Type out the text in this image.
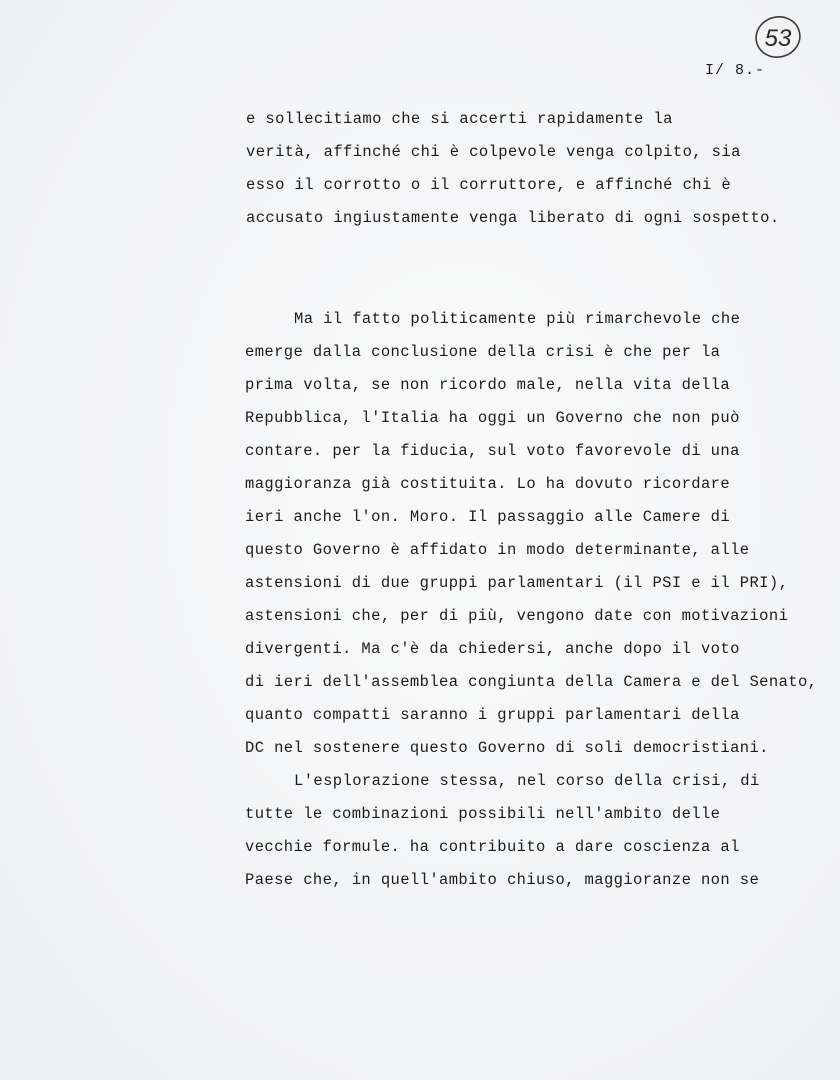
53
I/ 8.-
e sollecitiamo che si accerti rapidamente la
verità, affinché chi è colpevole venga colpito, sia
esso il corrotto o il corruttore, e affinché chi è
accusato ingiustamente venga liberato di ogni sospetto.
Ma il fatto politicamente più rimarchevole che
emerge dalla conclusione della crisi è che per la
prima volta, se non ricordo male, nella vita della
Repubblica, l'Italia ha oggi un Governo che non può
contare. per la fiducia, sul voto favorevole di una
maggioranza già costituita. Lo ha dovuto ricordare
ieri anche l'on. Moro. Il passaggio alle Camere di
questo Governo è affidato in modo determinante, alle
astensioni di due gruppi parlamentari (il PSI e il PRI),
astensioni che, per di più, vengono date con motivazioni
divergenti. Ma c'è da chiedersi, anche dopo il voto
di ieri dell'assemblea congiunta della Camera e del Senato,
quanto compatti saranno i gruppi parlamentari della
DC nel sostenere questo Governo di soli democristiani.
L'esplorazione stessa, nel corso della crisi, di
tutte le combinazioni possibili nell'ambito delle
vecchie formule. ha contribuito a dare coscienza al
Paese che, in quell'ambito chiuso, maggioranze non se
